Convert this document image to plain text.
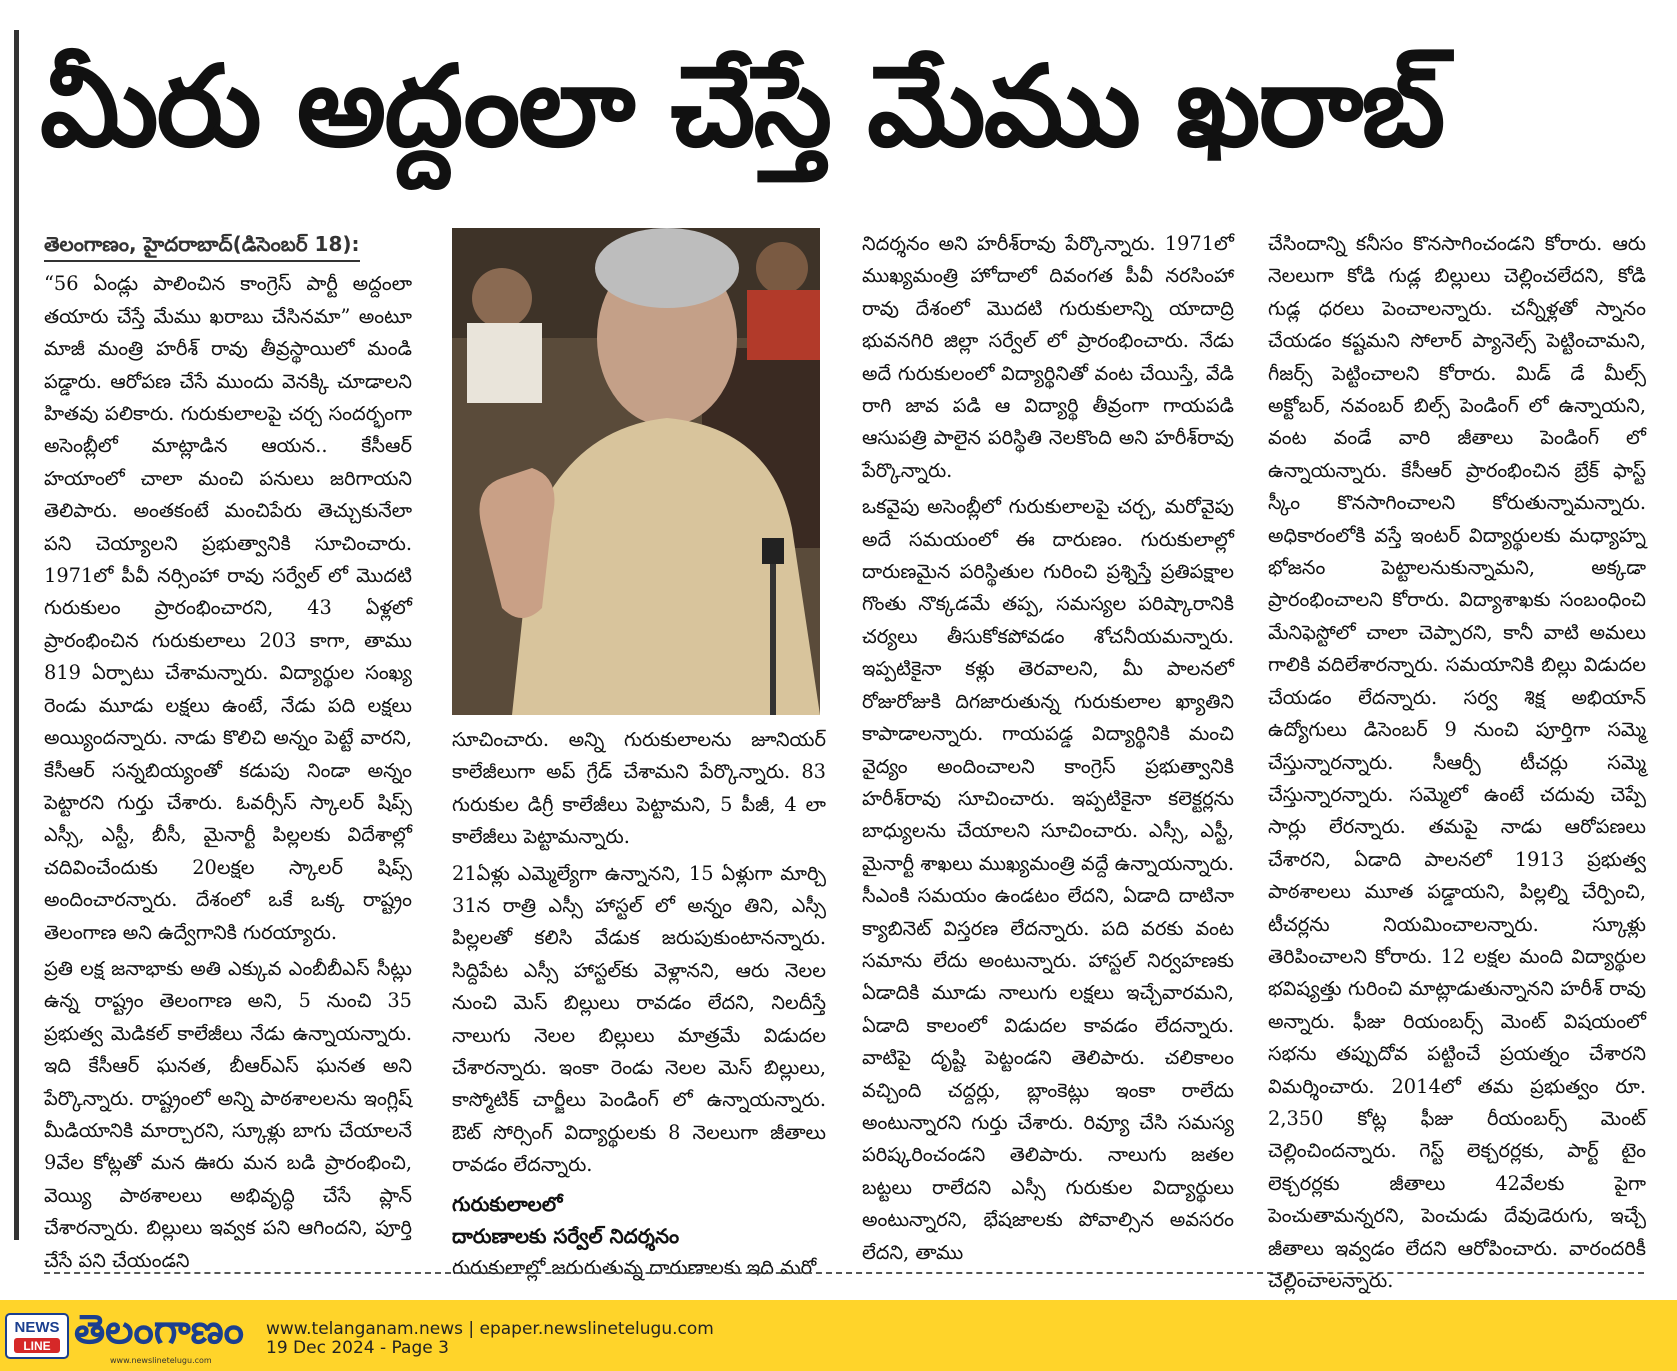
మీరు అద్దంలా చేస్తే మేము ఖరాబ్
తెలంగాణం, హైదరాబాద్(డిసెంబర్ 18):

“56 ఏండ్లు పాలించిన కాంగ్రెస్ పార్టీ అద్దంలా తయారు చేస్తే మేము ఖరాబు చేసినమా” అంటూ మాజీ మంత్రి హరీశ్ రావు తీవ్రస్థాయిలో మండి పడ్డారు. ఆరోపణ చేసే ముందు వెనక్కి చూడాలని హితవు పలికారు. గురుకులాలపై చర్చ సందర్భంగా అసెంబ్లీలో మాట్లాడిన ఆయన.. కేసీఆర్ హయాంలో చాలా మంచి పనులు జరిగాయని తెలిపారు. అంతకంటే మంచిపేరు తెచ్చుకునేలా పని చెయ్యాలని ప్రభుత్వానికి సూచించారు. 1971లో పీవీ నర్సింహా రావు సర్వేల్ లో మొదటి గురుకులం ప్రారంభించారని, 43 ఏళ్లలో ప్రారంభించిన గురుకులాలు 203 కాగా, తాము 819 ఏర్పాటు చేశామన్నారు. విద్యార్థుల సంఖ్య రెండు మూడు లక్షలు ఉంటే, నేడు పది లక్షలు అయ్యిందన్నారు. నాడు కొలిచి అన్నం పెట్టే వారని, కేసీఆర్ సన్నబియ్యంతో కడుపు నిండా అన్నం పెట్టారని గుర్తు చేశారు. ఓవర్సీస్ స్కాలర్ షిప్స్ ఎస్సీ, ఎస్టీ, బీసీ, మైనార్టీ పిల్లలకు విదేశాల్లో చదివించేందుకు 20లక్షల స్కాలర్ షిప్స్ అందించారన్నారు. దేశంలో ఒకే ఒక్క రాష్ట్రం తెలంగాణ అని ఉద్వేగానికి గురయ్యారు.

ప్రతి లక్ష జనాభాకు అతి ఎక్కువ ఎంబీబీఎస్ సీట్లు ఉన్న రాష్ట్రం తెలంగాణ అని, 5 నుంచి 35 ప్రభుత్వ మెడికల్ కాలేజీలు నేడు ఉన్నాయన్నారు. ఇది కేసీఆర్ ఘనత, బీఆర్ఎస్ ఘనత అని పేర్కొన్నారు. రాష్ట్రంలో అన్ని పాఠశాలలను ఇంగ్లిష్ మీడియానికి మార్చారని, స్కూళ్లు బాగు చేయాలనే 9వేల కోట్లతో మన ఊరు మన బడి ప్రారంభించి, వెయ్యి పాఠశాలలు అభివృద్ధి చేసే ప్లాన్ చేశారన్నారు. బిల్లులు ఇవ్వక పని ఆగిందని, పూర్తి చేసే పని చేయండని

సూచించారు. అన్ని గురుకులాలను జూనియర్ కాలేజీలుగా అప్ గ్రేడ్ చేశామని పేర్కొన్నారు. 83 గురుకుల డిగ్రీ కాలేజీలు పెట్టామని, 5 పీజీ, 4 లా కాలేజీలు పెట్టామన్నారు.

21ఏళ్లు ఎమ్మెల్యేగా ఉన్నానని, 15 ఏళ్లుగా మార్చి 31న రాత్రి ఎస్సీ హాస్టల్ లో అన్నం తిని, ఎస్సీ పిల్లలతో కలిసి వేడుక జరుపుకుంటానన్నారు. సిద్దిపేట ఎస్సీ హాస్టల్‌కు వెళ్లానని, ఆరు నెలల నుంచి మెస్ బిల్లులు రావడం లేదని, నిలదీస్తే నాలుగు నెలల బిల్లులు మాత్రమే విడుదల చేశారన్నారు. ఇంకా రెండు నెలల మెస్ బిల్లులు, కాస్మోటిక్ చార్జీలు పెండింగ్ లో ఉన్నాయన్నారు. ఔట్ సోర్సింగ్ విద్యార్థులకు 8 నెలలుగా జీతాలు రావడం లేదన్నారు.

గురుకులాలలో
దారుణాలకు సర్వేల్ నిదర్శనం

గురుకులాల్లో జరుగుతున్న దారుణాలకు ఇది మరో

నిదర్శనం అని హరీశ్‌రావు పేర్కొన్నారు. 1971లో ముఖ్యమంత్రి హోదాలో దివంగత పీవీ నరసింహా రావు దేశంలో మొదటి గురుకులాన్ని యాదాద్రి భువనగిరి జిల్లా సర్వేల్ లో ప్రారంభించారు. నేడు అదే గురుకులంలో విద్యార్థినితో వంట చేయిస్తే, వేడి రాగి జావ పడి ఆ విద్యార్థి తీవ్రంగా గాయపడి ఆసుపత్రి పాలైన పరిస్థితి నెలకొంది అని హరీశ్‌రావు పేర్కొన్నారు.

ఒకవైపు అసెంబ్లీలో గురుకులాలపై చర్చ, మరోవైపు అదే సమయంలో ఈ దారుణం. గురుకులాల్లో దారుణమైన పరిస్థితుల గురించి ప్రశ్నిస్తే ప్రతిపక్షాల గొంతు నొక్కడమే తప్ప, సమస్యల పరిష్కారానికి చర్యలు తీసుకోకపోవడం శోచనీయమన్నారు. ఇప్పటికైనా కళ్లు తెరవాలని, మీ పాలనలో రోజురోజుకి దిగజారుతున్న గురుకులాల ఖ్యాతిని కాపాడాలన్నారు. గాయపడ్డ విద్యార్థినికి మంచి వైద్యం అందించాలని కాంగ్రెస్ ప్రభుత్వానికి హరీశ్‌రావు సూచించారు. ఇప్పటికైనా కలెక్టర్లను బాధ్యులను చేయాలని సూచించారు. ఎస్సీ, ఎస్టీ, మైనార్టీ శాఖలు ముఖ్యమంత్రి వద్దే ఉన్నాయన్నారు. సీఎంకి సమయం ఉండటం లేదని, ఏడాది దాటినా క్యాబినెట్ విస్తరణ లేదన్నారు. పది వరకు వంట సమాను లేదు అంటున్నారు. హాస్టల్ నిర్వహణకు ఏడాదికి మూడు నాలుగు లక్షలు ఇచ్చేవారమని, ఏడాది కాలంలో విడుదల కావడం లేదన్నారు. వాటిపై దృష్టి పెట్టండని తెలిపారు. చలికాలం వచ్చింది చద్దర్లు, బ్లాంకెట్లు ఇంకా రాలేదు అంటున్నారని గుర్తు చేశారు. రివ్యూ చేసి సమస్య పరిష్కరించండని తెలిపారు. నాలుగు జతల బట్టలు రాలేదని ఎస్సీ గురుకుల విద్యార్థులు అంటున్నారని, భేషజాలకు పోవాల్సిన అవసరం లేదని, తాము

చేసిందాన్ని కనీసం కొనసాగించండని కోరారు. ఆరు నెలలుగా కోడి గుడ్ల బిల్లులు చెల్లించలేదని, కోడి గుడ్ల ధరలు పెంచాలన్నారు. చన్నీళ్లతో స్నానం చేయడం కష్టమని సోలార్ ప్యానెల్స్ పెట్టించామని, గీజర్స్ పెట్టించాలని కోరారు. మిడ్ డే మీల్స్ అక్టోబర్, నవంబర్ బిల్స్ పెండింగ్ లో ఉన్నాయని, వంట వండే వారి జీతాలు పెండింగ్ లో ఉన్నాయన్నారు. కేసీఆర్ ప్రారంభించిన బ్రేక్ ఫాస్ట్ స్కీం కొనసాగించాలని కోరుతున్నామన్నారు. అధికారంలోకి వస్తే ఇంటర్ విద్యార్థులకు మధ్యాహ్న భోజనం పెట్టాలనుకున్నామని, అక్కడా ప్రారంభించాలని కోరారు. విద్యాశాఖకు సంబంధించి మేనిఫెస్టోలో చాలా చెప్పారని, కానీ వాటి అమలు గాలికి వదిలేశారన్నారు. సమయానికి బిల్లు విడుదల చేయడం లేదన్నారు. సర్వ శిక్ష అభియాన్ ఉద్యోగులు డిసెంబర్ 9 నుంచి పూర్తిగా సమ్మె చేస్తున్నారన్నారు. సీఆర్పీ టీచర్లు సమ్మె చేస్తున్నారన్నారు. సమ్మెలో ఉంటే చదువు చెప్పే సార్లు లేరన్నారు. తమపై నాడు ఆరోపణలు చేశారని, ఏడాది పాలనలో 1913 ప్రభుత్వ పాఠశాలలు మూత పడ్డాయని, పిల్లల్ని చేర్పించి, టీచర్లను నియమించాలన్నారు. స్కూళ్లు తెరిపించాలని కోరారు. 12 లక్షల మంది విద్యార్థుల భవిష్యత్తు గురించి మాట్లాడుతున్నానని హరీశ్ రావు అన్నారు. ఫీజు రియంబర్స్ మెంట్ విషయంలో సభను తప్పుదోవ పట్టించే ప్రయత్నం చేశారని విమర్శించారు. 2014లో తమ ప్రభుత్వం రూ. 2,350 కోట్ల ఫీజు రీయంబర్స్ మెంట్ చెల్లించిందన్నారు. గెస్ట్ లెక్చరర్లకు, పార్ట్ టైం లెక్చరర్లకు జీతాలు 42వేలకు పైగా పెంచుతామన్నరని, పెంచుడు దేవుడెరుగు, ఇచ్చే జీతాలు ఇవ్వడం లేదని ఆరోపించారు. వారందరికీ చెల్లించాలన్నారు.

NEWS
LINE తెలంగాణం
www.newslinetelugu.com
www.telanganam.news | epaper.newslinetelugu.com
19 Dec 2024 - Page 3
